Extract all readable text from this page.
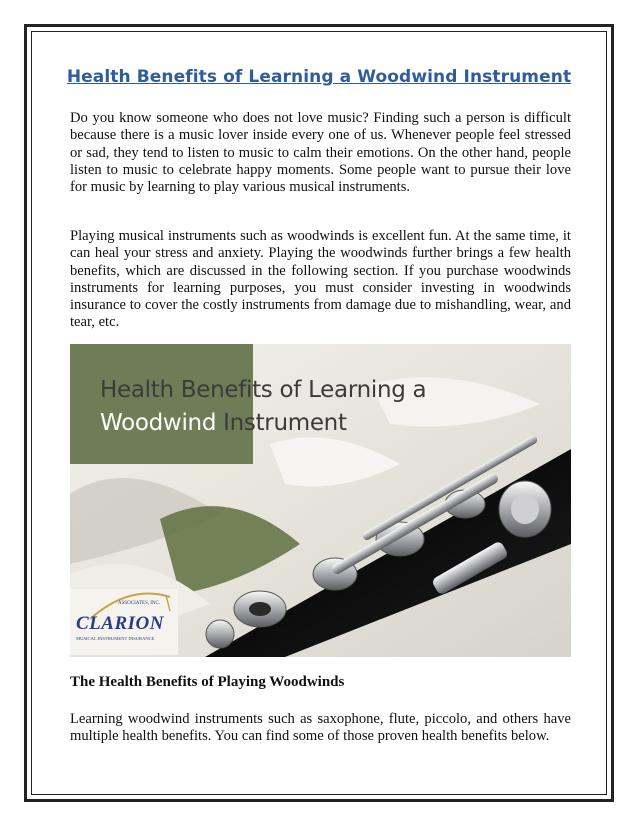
Health Benefits of Learning a Woodwind Instrument

Do you know someone who does not love music? Finding such a person is difficult because there is a music lover inside every one of us. Whenever people feel stressed or sad, they tend to listen to music to calm their emotions. On the other hand, people listen to music to celebrate happy moments. Some people want to pursue their love for music by learning to play various musical instruments.

Playing musical instruments such as woodwinds is excellent fun. At the same time, it can heal your stress and anxiety. Playing the woodwinds further brings a few health benefits, which are discussed in the following section. If you purchase woodwinds instruments for learning purposes, you must consider investing in woodwinds insurance to cover the costly instruments from damage due to mishandling, wear, and tear, etc.

Health Benefits of Learning a
Woodwind Instrument
ASSOCIATES, INC.
CLARION
MUSICAL INSTRUMENT INSURANCE
The Health Benefits of Playing Woodwinds

Learning woodwind instruments such as saxophone, flute, piccolo, and others have multiple health benefits. You can find some of those proven health benefits below.
